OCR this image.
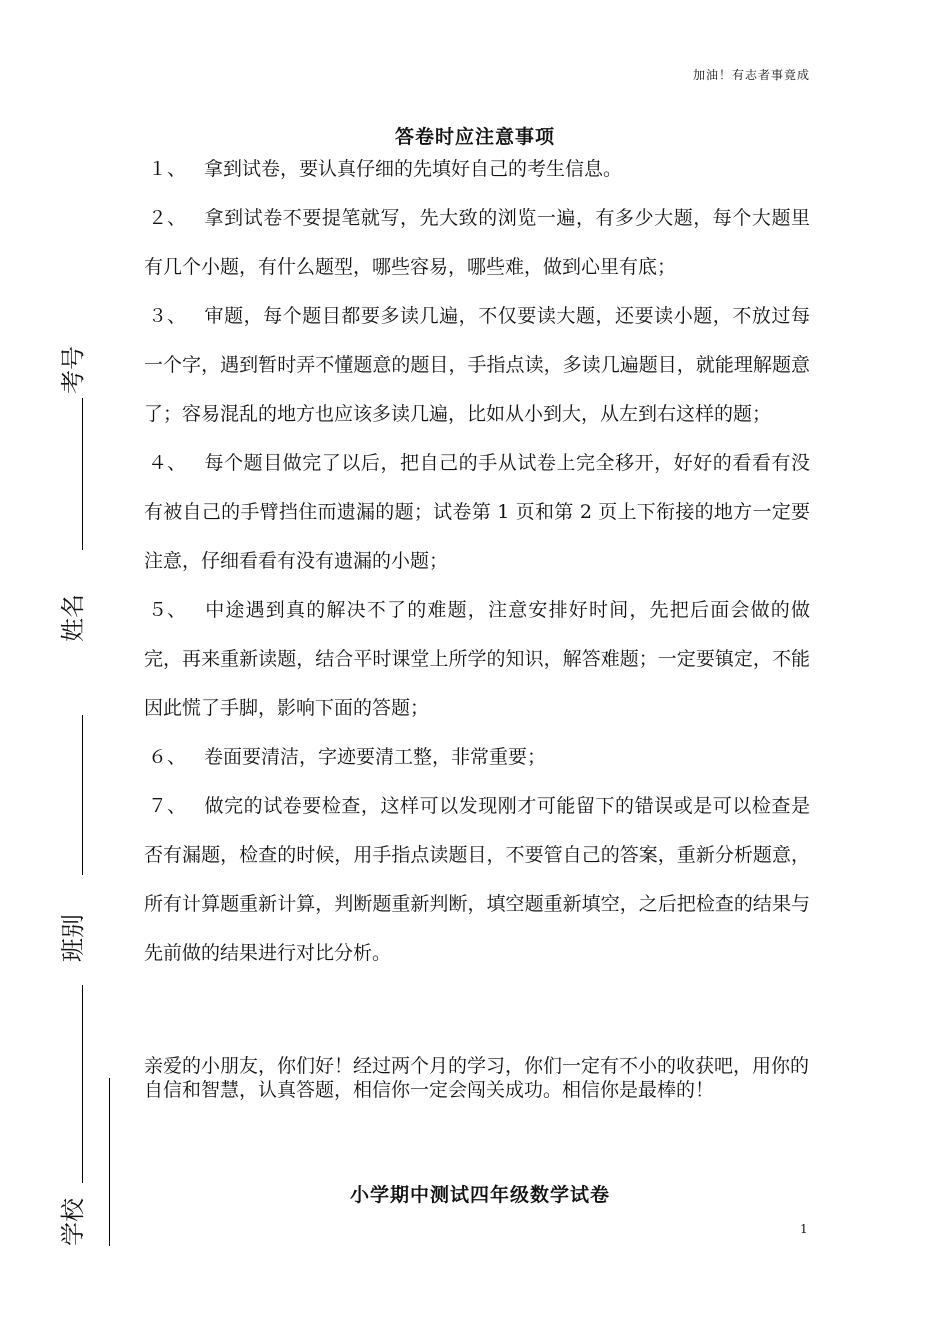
加油！有志者事竟成
答卷时应注意事项

１、 拿到试卷，要认真仔细的先填好自己的考生信息。

２、 拿到试卷不要提笔就写，先大致的浏览一遍，有多少大题，每个大题里有几个小题，有什么题型，哪些容易，哪些难，做到心里有底；

３、 审题，每个题目都要多读几遍，不仅要读大题，还要读小题，不放过每一个字，遇到暂时弄不懂题意的题目，手指点读，多读几遍题目，就能理解题意了；容易混乱的地方也应该多读几遍，比如从小到大，从左到右这样的题；

４、 每个题目做完了以后，把自己的手从试卷上完全移开，好好的看看有没有被自己的手臂挡住而遗漏的题；试卷第 1 页和第 2 页上下衔接的地方一定要注意，仔细看看有没有遗漏的小题；

５、 中途遇到真的解决不了的难题，注意安排好时间，先把后面会做的做完，再来重新读题，结合平时课堂上所学的知识，解答难题；一定要镇定，不能因此慌了手脚，影响下面的答题；

６、 卷面要清洁，字迹要清工整，非常重要；

７、 做完的试卷要检查，这样可以发现刚才可能留下的错误或是可以检查是否有漏题，检查的时候，用手指点读题目，不要管自己的答案，重新分析题意，所有计算题重新计算，判断题重新判断，填空题重新填空，之后把检查的结果与先前做的结果进行对比分析。

亲爱的小朋友，你们好！经过两个月的学习，你们一定有不小的收获吧，用你的自信和智慧，认真答题，相信你一定会闯关成功。相信你是最棒的！
小学期中测试四年级数学试卷
1
考号
姓名
班别
学校
